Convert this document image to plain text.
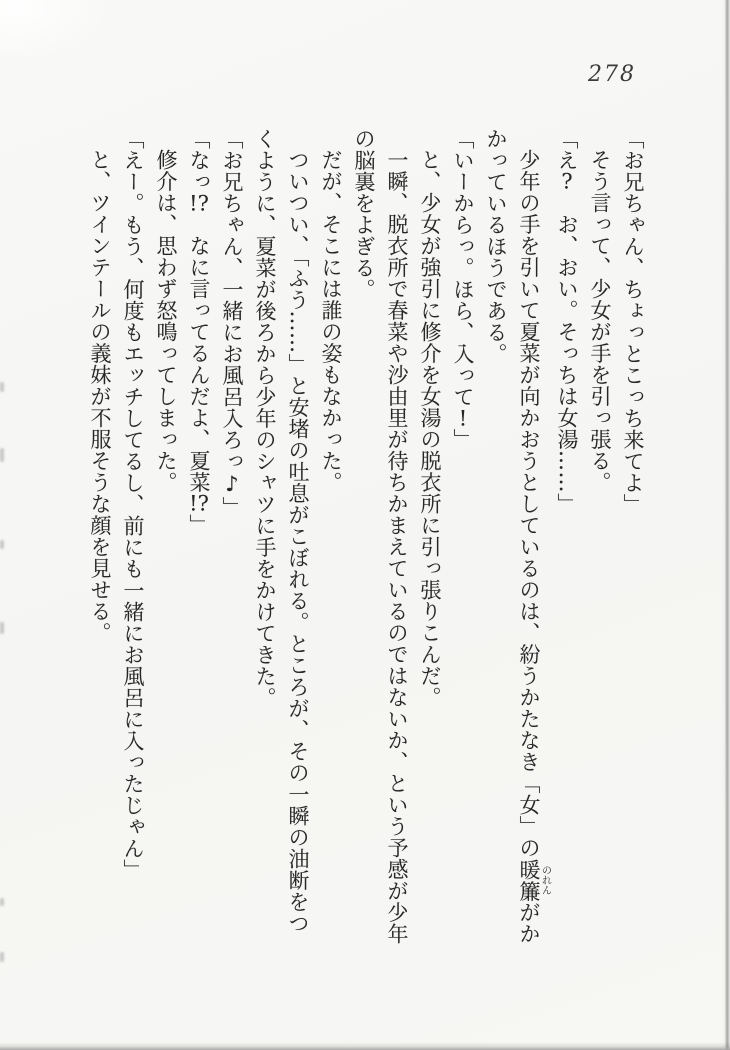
278

「お兄ちゃん、ちょっとこっち来てよ」

そう言って、少女が手を引っ張る。

「え?　お、おい。そっちは女湯……」

少年の手を引いて夏菜が向かおうとしているのは、紛うかたなき「女」の暖簾のれんがかかっているほうである。

「いーからっ。ほら、入って!」

と、少女が強引に修介を女湯の脱衣所に引っ張りこんだ。

一瞬、脱衣所で春菜や沙由里が待ちかまえているのではないか、という予感が少年の脳裏をよぎる。

だが、そこには誰の姿もなかった。

ついつい、「ふう……」と安堵の吐息がこぼれる。ところが、その一瞬の油断をつくように、夏菜が後ろから少年のシャツに手をかけてきた。

「お兄ちゃん、一緒にお風呂入ろっ♪」

「なっ!?　なに言ってるんだよ、夏菜!?」

修介は、思わず怒鳴ってしまった。

「えー。もう、何度もエッチしてるし、前にも一緒にお風呂に入ったじゃん」

と、ツインテールの義妹が不服そうな顔を見せる。
